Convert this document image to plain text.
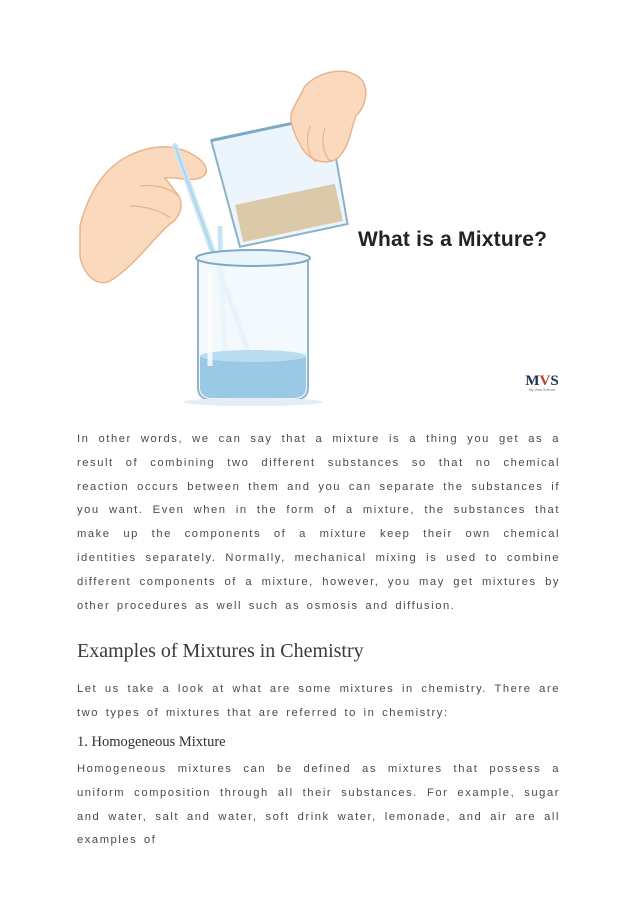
What is a Mixture?
MVS
My Vista Science

In other words, we can say that a mixture is a thing you get as a result of combining two different substances so that no chemical reaction occurs between them and you can separate the substances if you want. Even when in the form of a mixture, the substances that make up the components of a mixture keep their own chemical identities separately. Normally, mechanical mixing is used to combine different components of a mixture, however, you may get mixtures by other procedures as well such as osmosis and diffusion.

Examples of Mixtures in Chemistry

Let us take a look at what are some mixtures in chemistry. There are two types of mixtures that are referred to in chemistry:

1. Homogeneous Mixture

Homogeneous mixtures can be defined as mixtures that possess a uniform composition through all their substances. For example, sugar and water, salt and water, soft drink water, lemonade, and air are all examples of
